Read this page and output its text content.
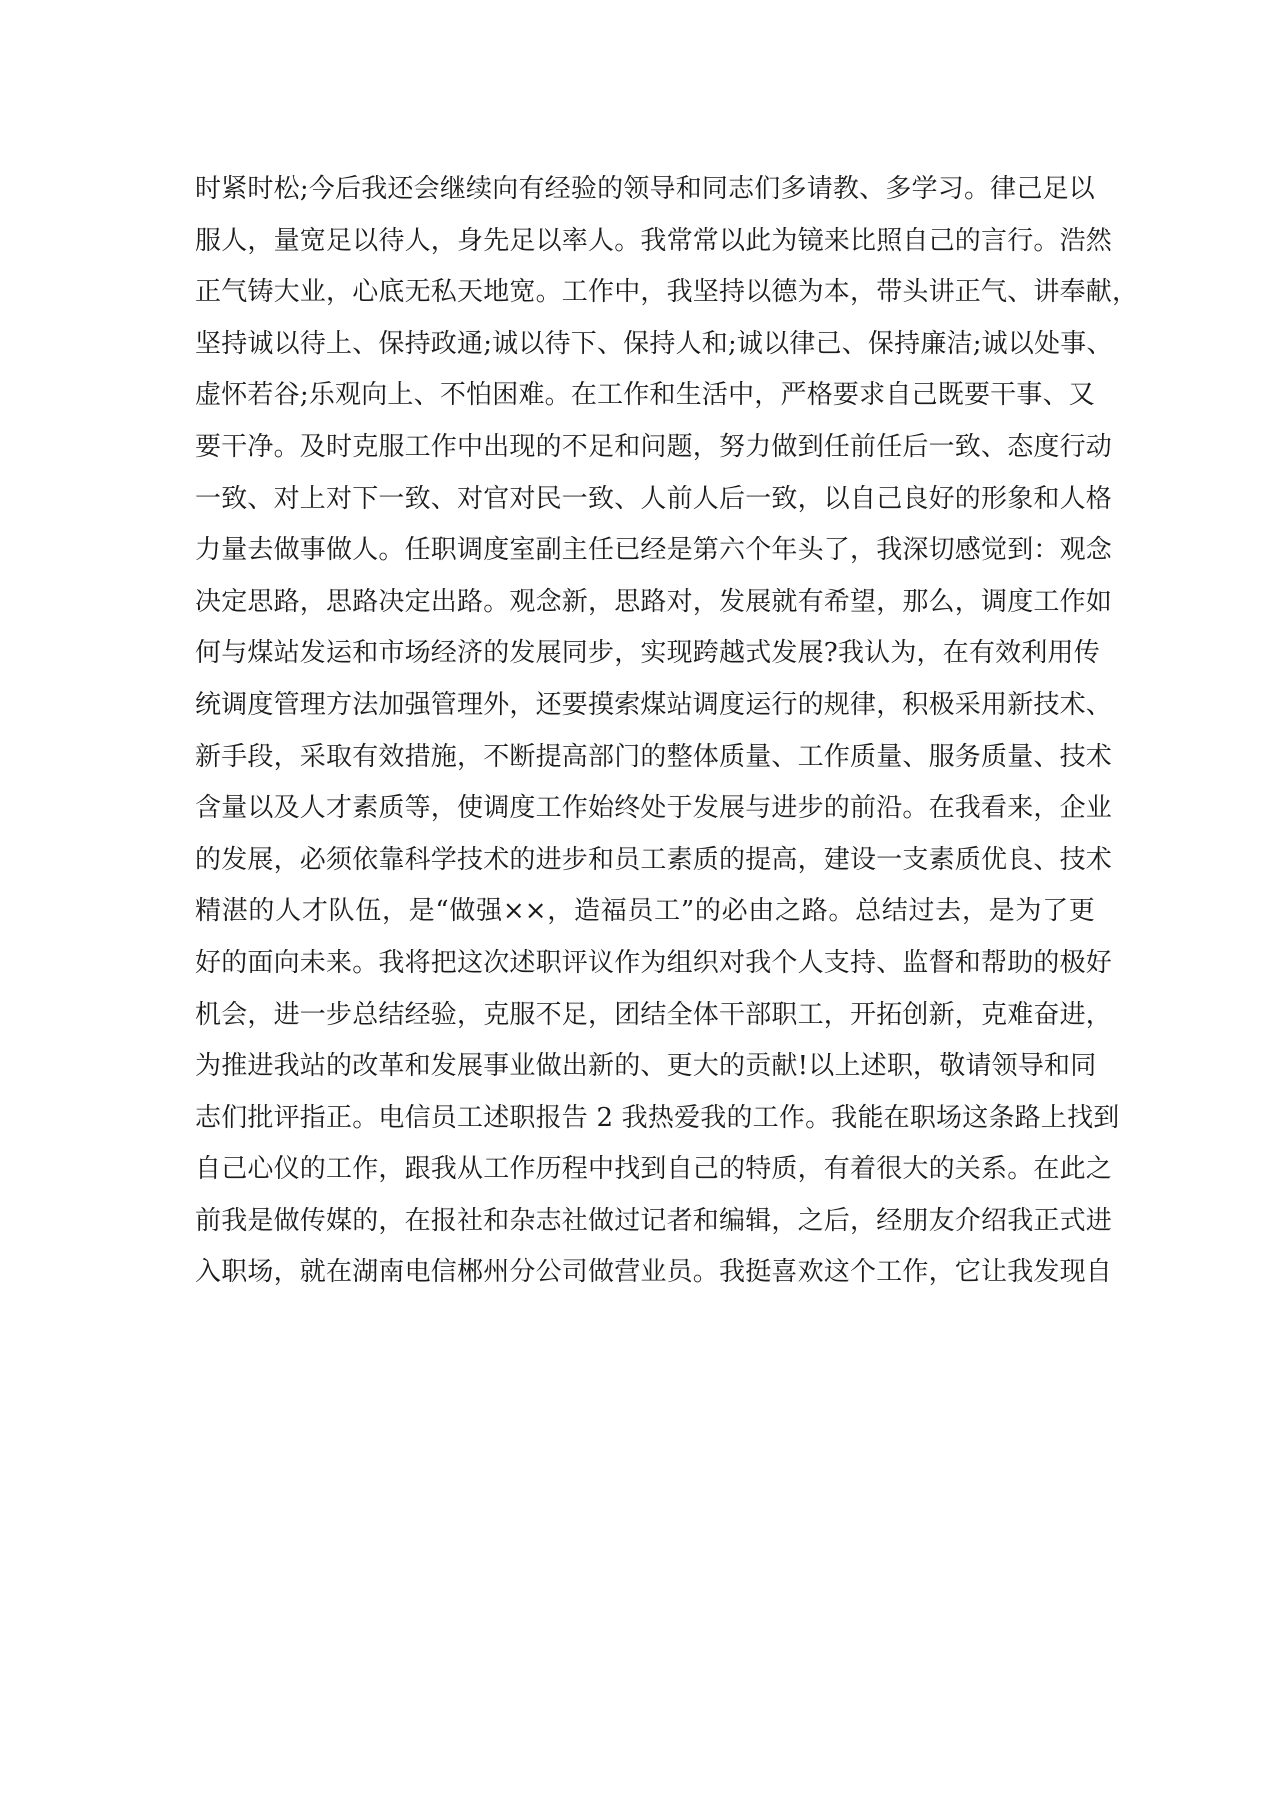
时紧时松;今后我还会继续向有经验的领导和同志们多请教、多学习。律己足以
服人，量宽足以待人，身先足以率人。我常常以此为镜来比照自己的言行。浩然
正气铸大业，心底无私天地宽。工作中，我坚持以德为本，带头讲正气、讲奉献，
坚持诚以待上、保持政通;诚以待下、保持人和;诚以律己、保持廉洁;诚以处事、
虚怀若谷;乐观向上、不怕困难。在工作和生活中，严格要求自己既要干事、又
要干净。及时克服工作中出现的不足和问题，努力做到任前任后一致、态度行动
一致、对上对下一致、对官对民一致、人前人后一致，以自己良好的形象和人格
力量去做事做人。任职调度室副主任已经是第六个年头了，我深切感觉到：观念
决定思路，思路决定出路。观念新，思路对，发展就有希望，那么，调度工作如
何与煤站发运和市场经济的发展同步，实现跨越式发展?我认为，在有效利用传
统调度管理方法加强管理外，还要摸索煤站调度运行的规律，积极采用新技术、
新手段，采取有效措施，不断提高部门的整体质量、工作质量、服务质量、技术
含量以及人才素质等，使调度工作始终处于发展与进步的前沿。在我看来，企业
的发展，必须依靠科学技术的进步和员工素质的提高，建设一支素质优良、技术
精湛的人才队伍，是“做强××，造福员工”的必由之路。总结过去，是为了更
好的面向未来。我将把这次述职评议作为组织对我个人支持、监督和帮助的极好
机会，进一步总结经验，克服不足，团结全体干部职工，开拓创新，克难奋进，
为推进我站的改革和发展事业做出新的、更大的贡献!以上述职，敬请领导和同
志们批评指正。电信员工述职报告 2 我热爱我的工作。我能在职场这条路上找到
自己心仪的工作，跟我从工作历程中找到自己的特质，有着很大的关系。在此之
前我是做传媒的，在报社和杂志社做过记者和编辑，之后，经朋友介绍我正式进
入职场，就在湖南电信郴州分公司做营业员。我挺喜欢这个工作，它让我发现自
